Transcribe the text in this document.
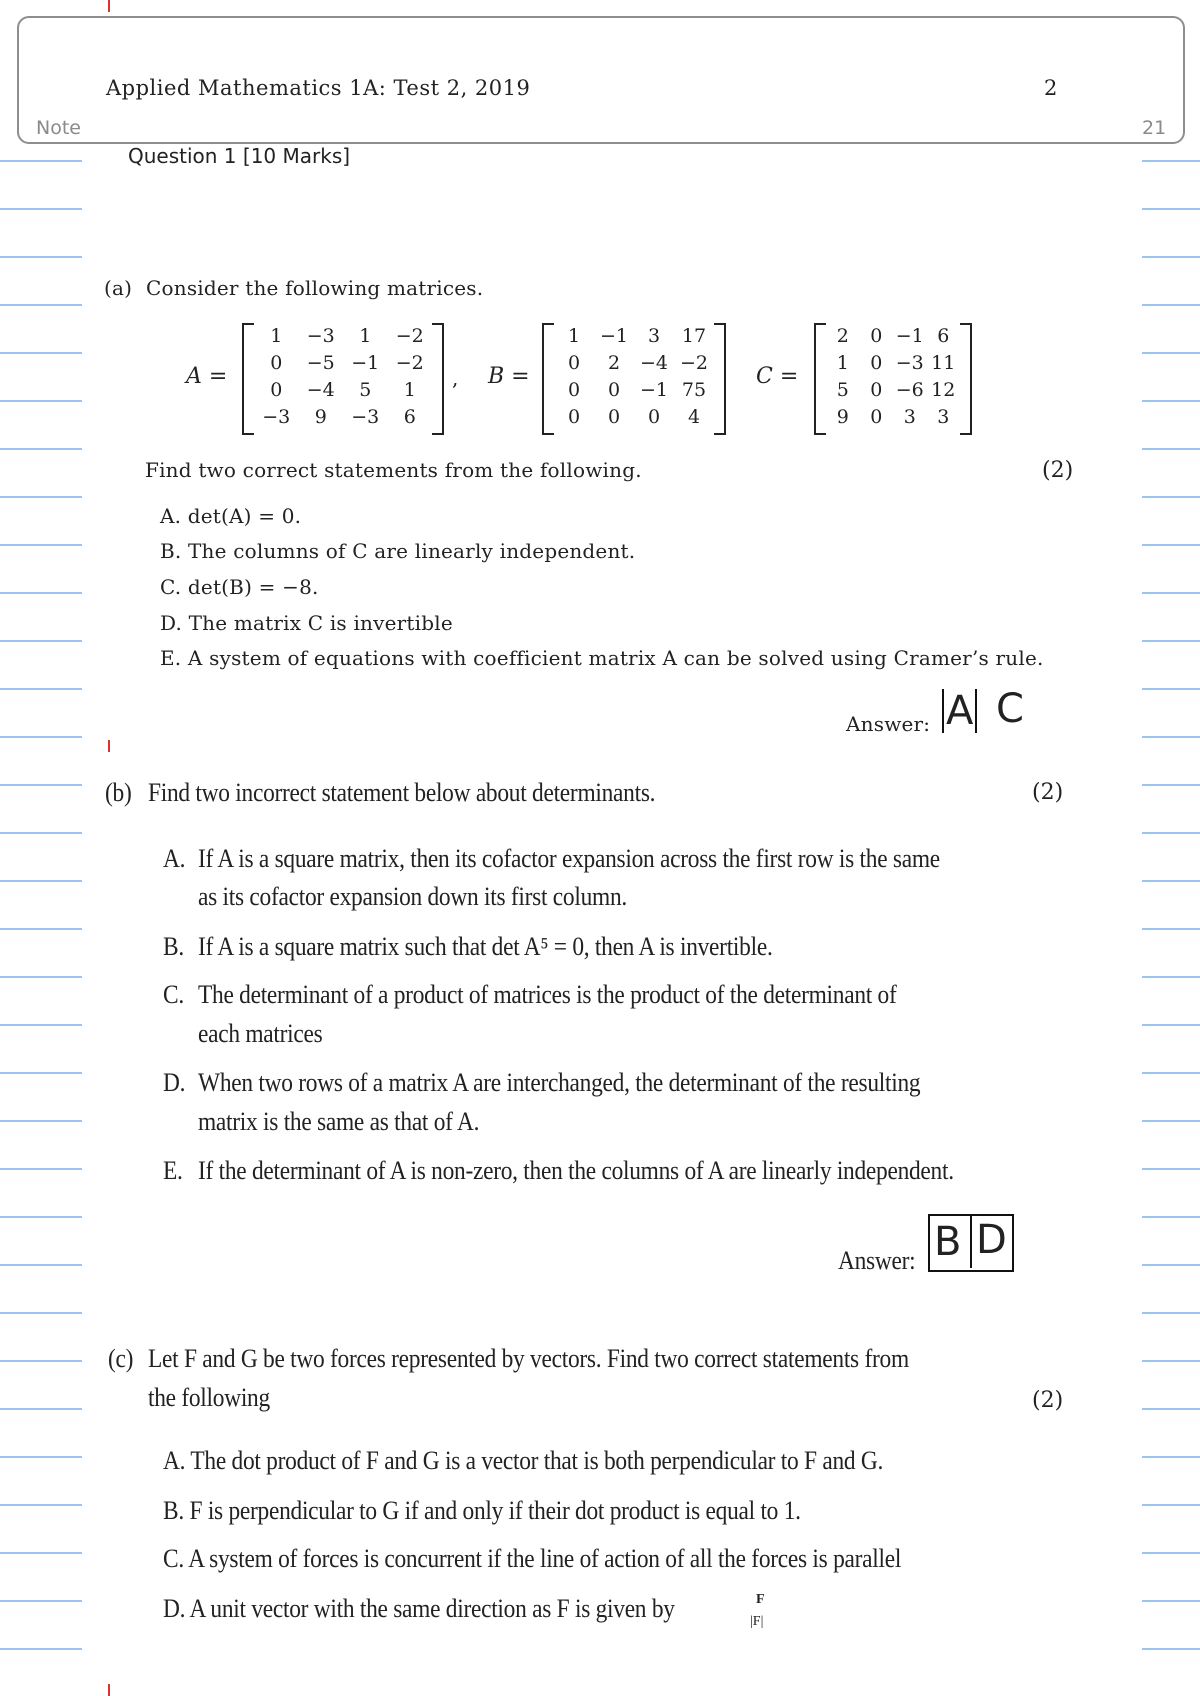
Note	21
Applied Mathematics 1A: Test 2, 2019	2
Question 1 [10 Marks]
(a) Consider the following matrices.
A =
1	−3	1	−2
0	−5 −1 −2
0	−4	5	1
−3	9	−3	6
, B =
1	−1	3	17
0	2	−4 −2
0	0	−1 75
0	0	0	4
C =
2	0 −1 6
1	0 −3 11
5	0 −6 12
9	0	3	3
Find two correct statements from the following.	(2)
A. det(A) = 0.
B. The columns of C are linearly independent.
C. det(B) = −8.
D. The matrix C is invertible
E. A system of equations with coefficient matrix A can be solved using Cramer’s rule.
Answer: A C
(b) Find two incorrect statement below about determinants.	(2)
A. If A is a square matrix, then its cofactor expansion across the first row is the same
as its cofactor expansion down its first column.
B. If A is a square matrix such that det A⁵ = 0, then A is invertible.
C. The determinant of a product of matrices is the product of the determinant of
each matrices
D. When two rows of a matrix A are interchanged, the determinant of the resulting
matrix is the same as that of A.
E. If the determinant of A is non-zero, then the columns of A are linearly independent.
Answer: B D
(c) Let F and G be two forces represented by vectors. Find two correct statements from
the following	(2)
A. The dot product of F and G is a vector that is both perpendicular to F and G.
B. F is perpendicular to G if and only if their dot product is equal to 1.
C. A system of forces is concurrent if the line of action of all the forces is parallel
D. A unit vector with the same direction as F is given by	F
|F|
